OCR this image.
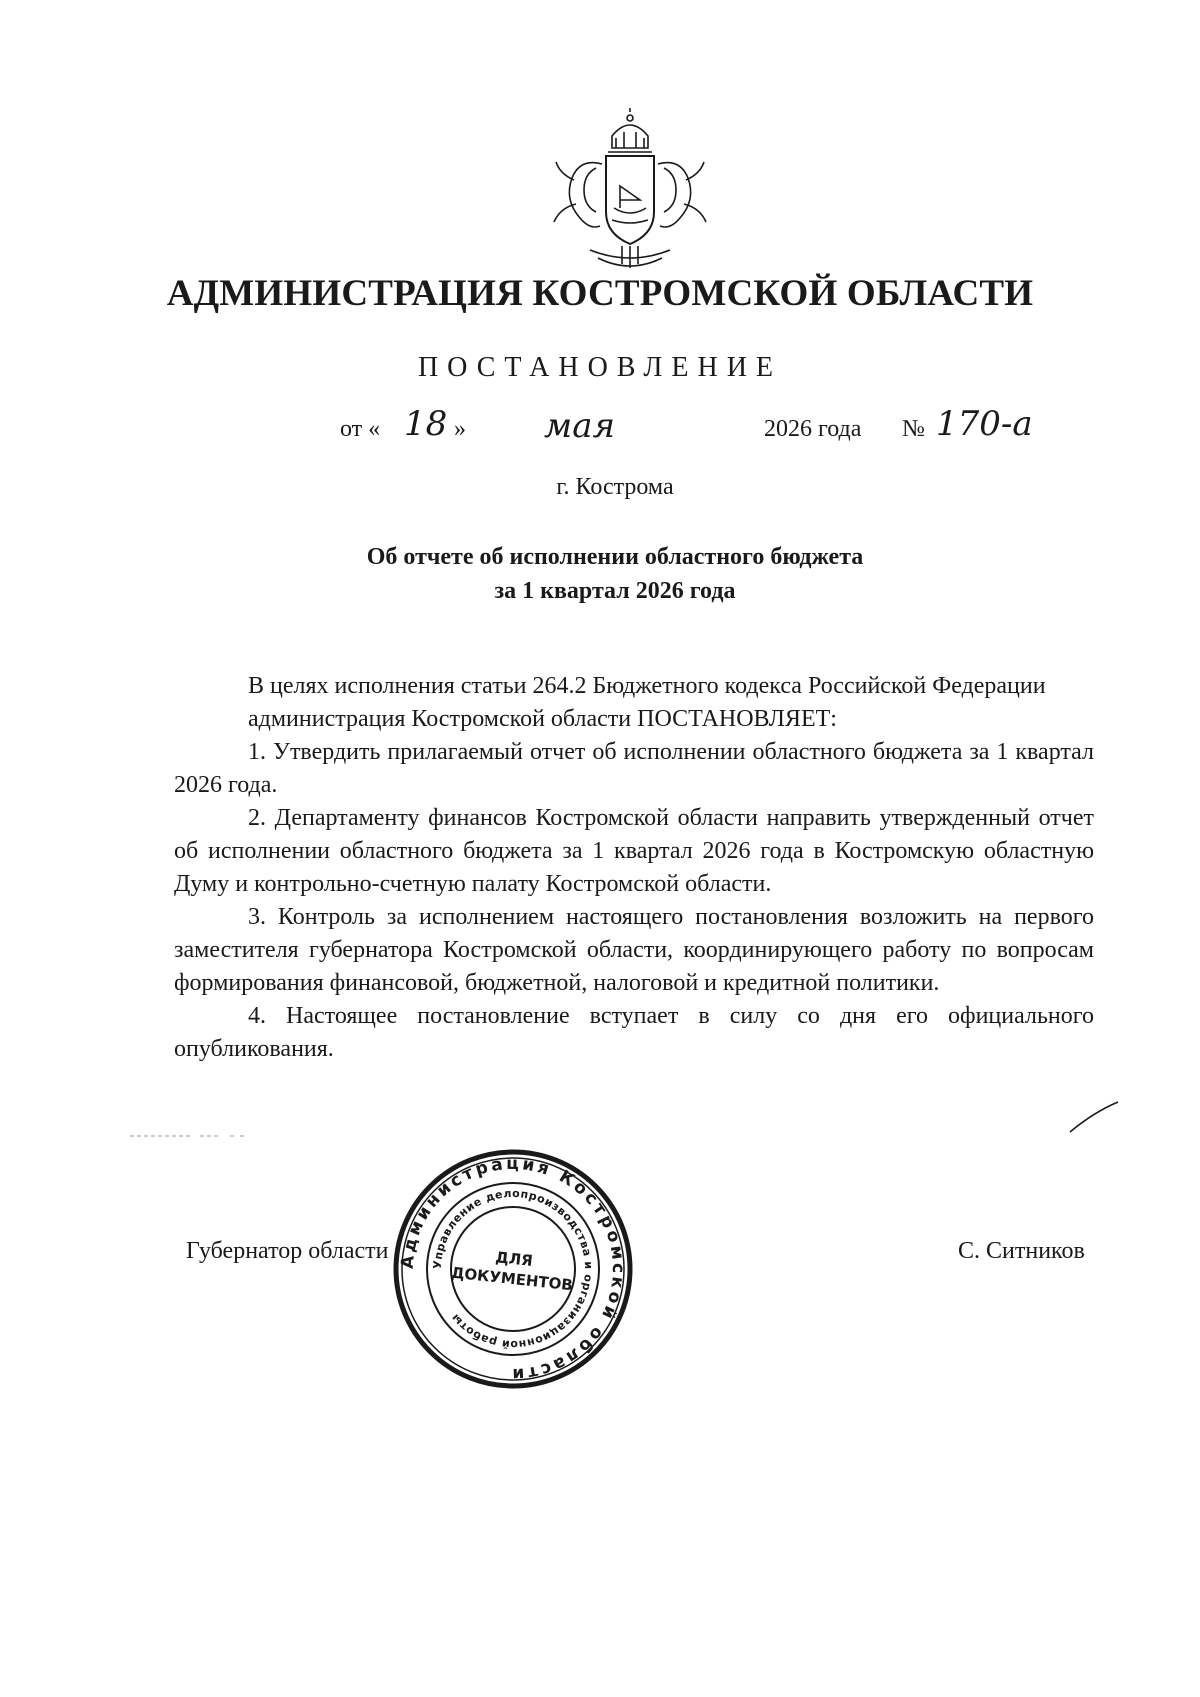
АДМИНИСТРАЦИЯ КОСТРОМСКОЙ ОБЛАСТИ
ПОСТАНОВЛЕНИЕ
от « 18 » мая	2026 года № 170-а
г. Кострома
Об отчете об исполнении областного бюджета
за 1 квартал 2026 года

В целях исполнения статьи 264.2 Бюджетного кодекса Российской Федерации

администрация Костромской области ПОСТАНОВЛЯЕТ:

1. Утвердить прилагаемый отчет об исполнении областного бюджета за 1 квартал 2026 года.

2. Департаменту финансов Костромской области направить утвержденный отчет об исполнении областного бюджета за 1 квартал 2026 года в Костромскую областную Думу и контрольно-счетную палату Костромской области.

3. Контроль за исполнением настоящего постановления возложить на первого заместителя губернатора Костромской области, координирующего работу по вопросам формирования финансовой, бюджетной, налоговой и кредитной политики.

4. Настоящее постановление вступает в силу со дня его официального опубликования.

Губернатор области	С. Ситников
Администрация Костромской области
Управление делопроизводства и организационной работы
ДЛЯ
ДОКУМЕНТОВ
